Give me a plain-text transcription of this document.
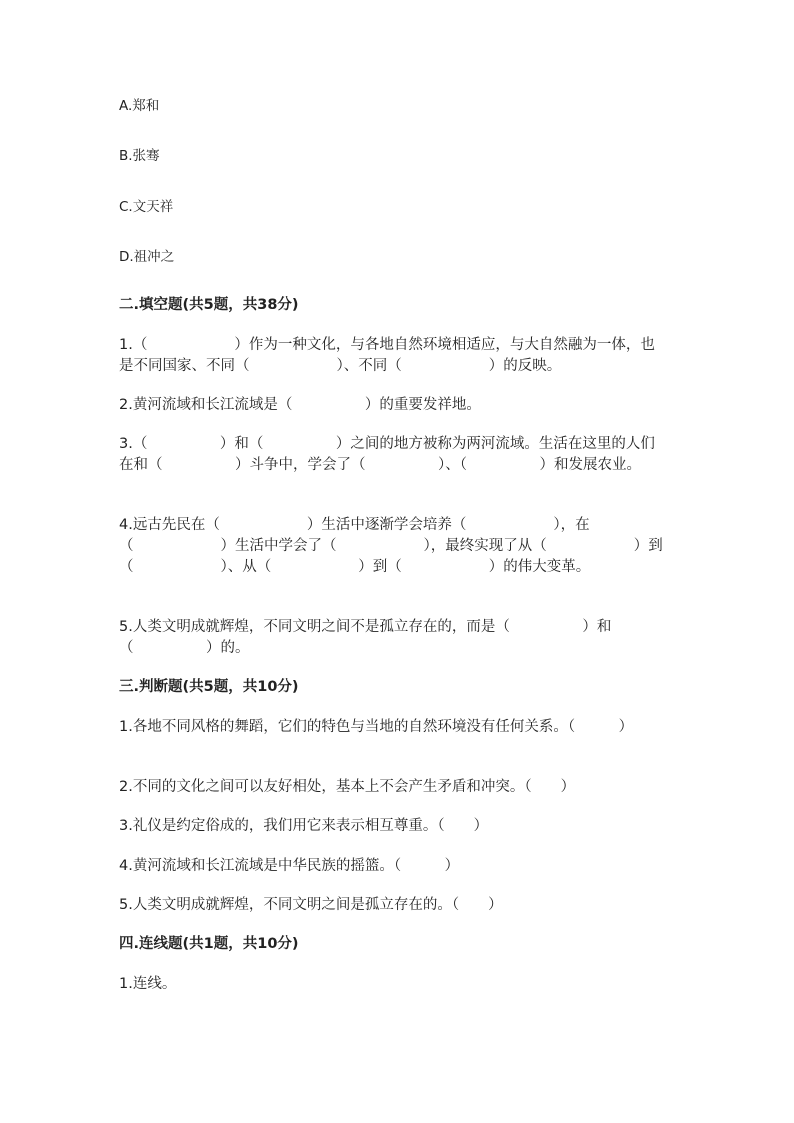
A.郑和
B.张骞
C.文天祥
D.祖冲之
二.填空题(共5题，共38分)
1.（　　　　　　）作为一种文化，与各地自然环境相适应，与大自然融为一体，也是不同国家、不同（　　　　　　）、不同（　　　　　　）的反映。
2.黄河流域和长江流域是（　　　　　）的重要发祥地。
3.（　　　　　）和（　　　　　）之间的地方被称为两河流域。生活在这里的人们在和（　　　　　）斗争中，学会了（　　　　　）、（　　　　　）和发展农业。
4.远古先民在（　　　　　　）生活中逐渐学会培养（　　　　　　），在（　　　　　　）生活中学会了（　　　　　　），最终实现了从（　　　　　　）到（　　　　　　）、从（　　　　　　）到（　　　　　　）的伟大变革。
5.人类文明成就辉煌，不同文明之间不是孤立存在的，而是（　　　　　）和（　　　　　）的。
三.判断题(共5题，共10分)
1.各地不同风格的舞蹈，它们的特色与当地的自然环境没有任何关系。（　　　）
2.不同的文化之间可以友好相处，基本上不会产生矛盾和冲突。（　　）
3.礼仪是约定俗成的，我们用它来表示相互尊重。（　　）
4.黄河流域和长江流域是中华民族的摇篮。（　　　）
5.人类文明成就辉煌，不同文明之间是孤立存在的。（　　）
四.连线题(共1题，共10分)
1.连线。
